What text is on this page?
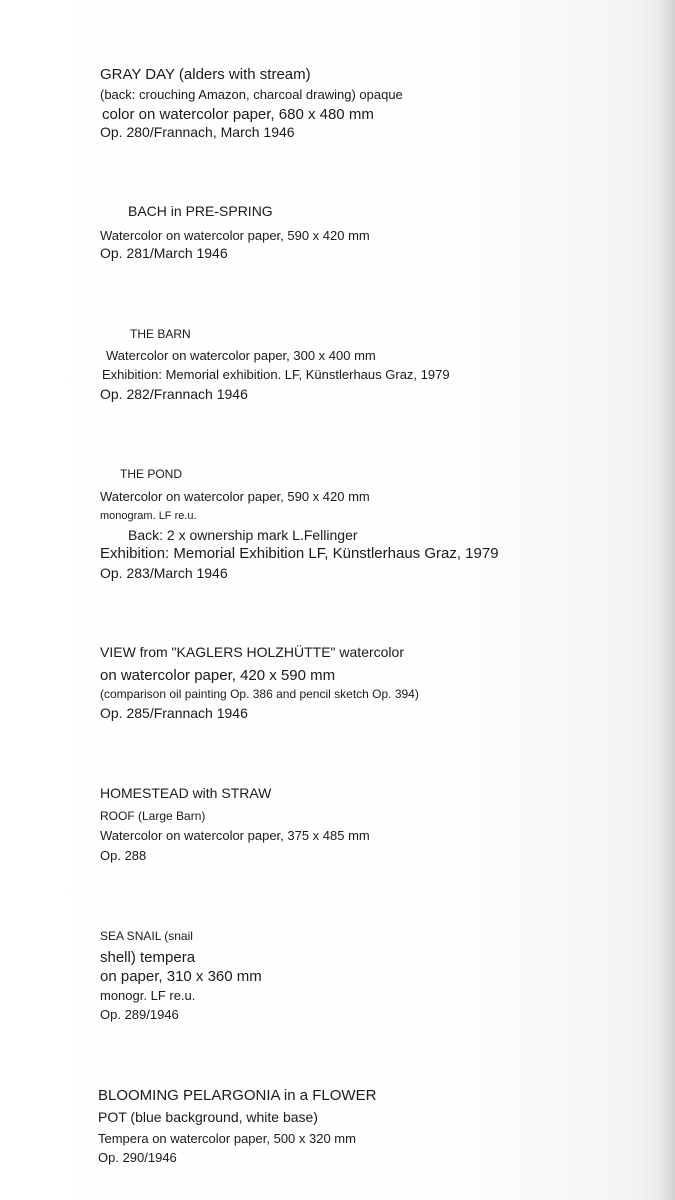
GRAY DAY (alders with stream)
(back: crouching Amazon, charcoal drawing) opaque
color on watercolor paper, 680 x 480 mm
Op. 280/Frannach, March 1946
BACH in PRE-SPRING
Watercolor on watercolor paper, 590 x 420 mm
Op. 281/March 1946
THE BARN
Watercolor on watercolor paper, 300 x 400 mm
Exhibition: Memorial exhibition. LF, Künstlerhaus Graz, 1979
Op. 282/Frannach 1946
THE POND
Watercolor on watercolor paper, 590 x 420 mm
monogram. LF re.u.
Back: 2 x ownership mark L.Fellinger
Exhibition: Memorial Exhibition LF, Künstlerhaus Graz, 1979
Op. 283/March 1946
VIEW from "KAGLERS HOLZHÜTTE" watercolor
on watercolor paper, 420 x 590 mm
(comparison oil painting Op. 386 and pencil sketch Op. 394)
Op. 285/Frannach 1946
HOMESTEAD with STRAW
ROOF (Large Barn)
Watercolor on watercolor paper, 375 x 485 mm
Op. 288
SEA SNAIL (snail
shell) tempera
on paper, 310 x 360 mm
monogr. LF re.u.
Op. 289/1946
BLOOMING PELARGONIA in a FLOWER
POT (blue background, white base)
Tempera on watercolor paper, 500 x 320 mm
Op. 290/1946
